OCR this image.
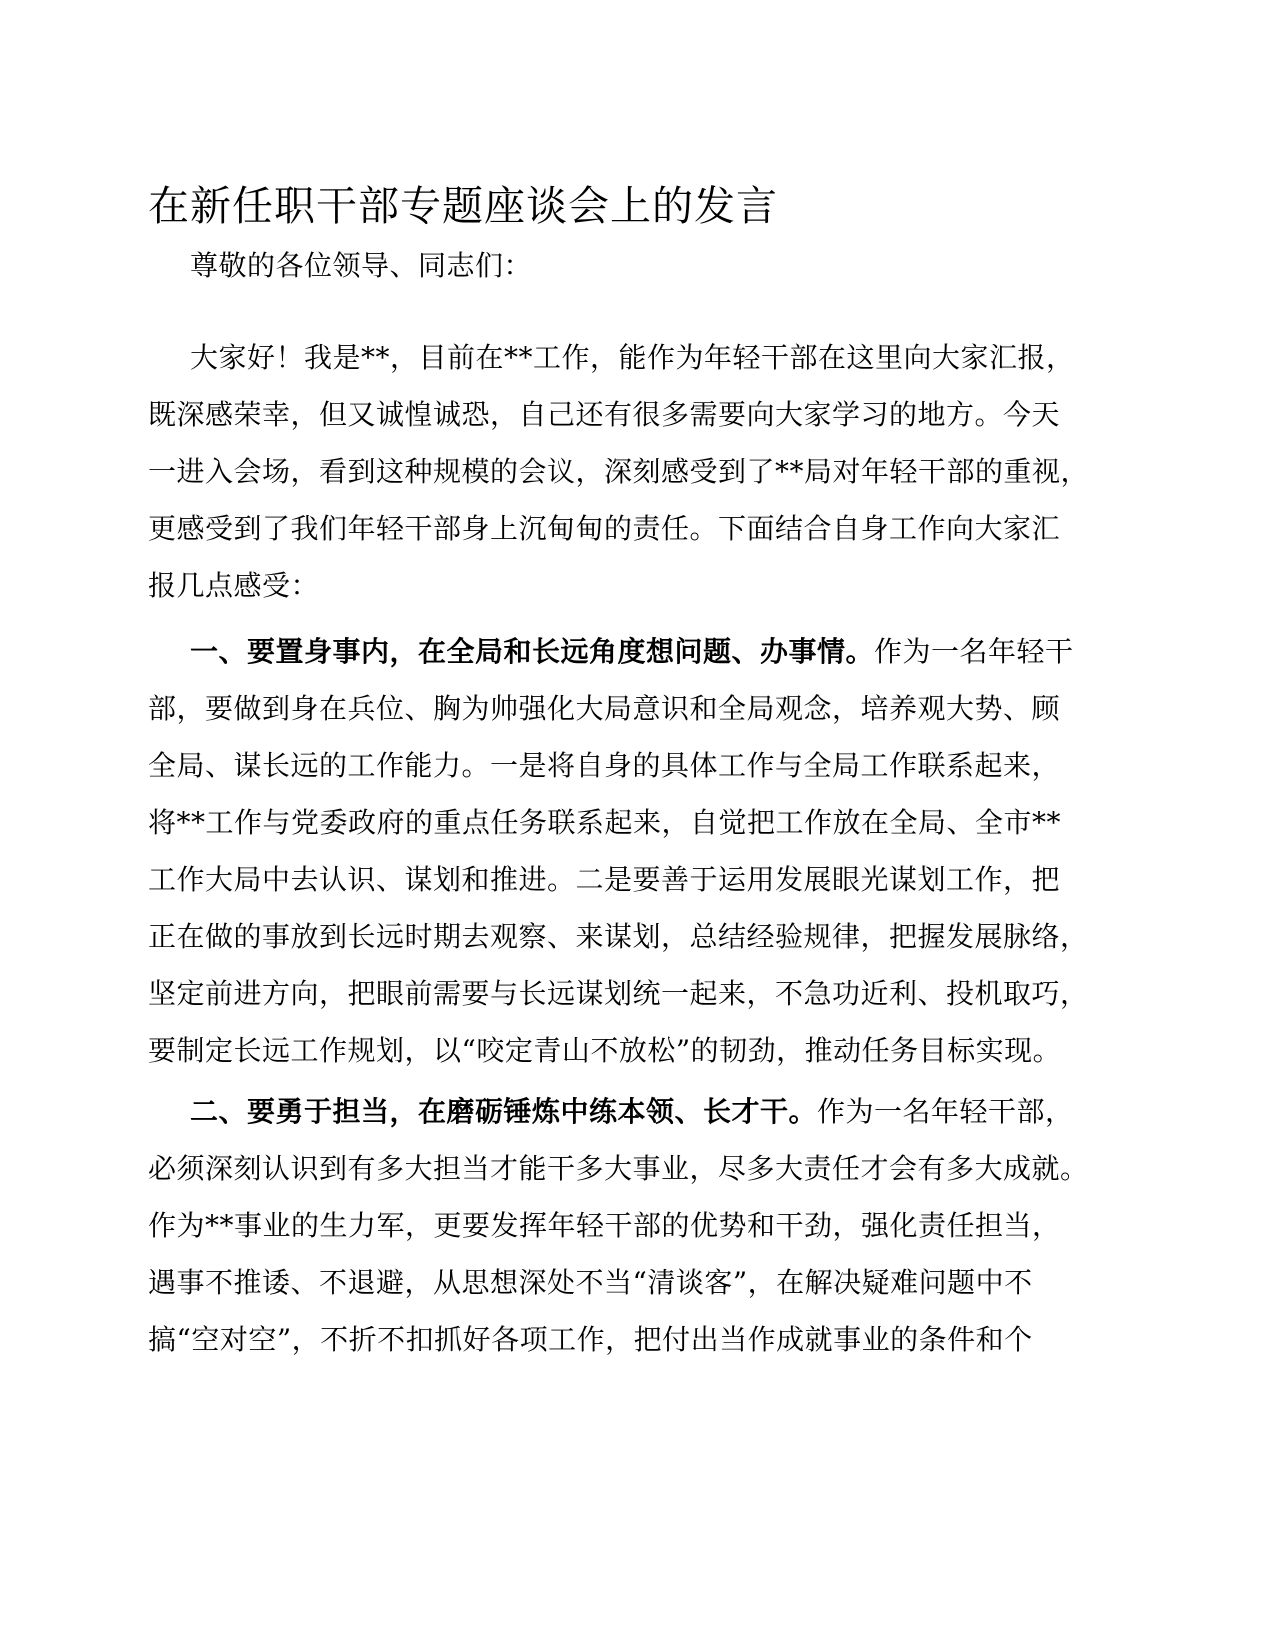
在新任职干部专题座谈会上的发言

尊敬的各位领导、同志们：

大家好！我是**，目前在**工作，能作为年轻干部在这里向大家汇报，
既深感荣幸，但又诚惶诚恐，自己还有很多需要向大家学习的地方。今天
一进入会场，看到这种规模的会议，深刻感受到了**局对年轻干部的重视，
更感受到了我们年轻干部身上沉甸甸的责任。下面结合自身工作向大家汇
报几点感受：

一、要置身事内，在全局和长远角度想问题、办事情。作为一名年轻干
部，要做到身在兵位、胸为帅强化大局意识和全局观念，培养观大势、顾
全局、谋长远的工作能力。一是将自身的具体工作与全局工作联系起来，
将**工作与党委政府的重点任务联系起来，自觉把工作放在全局、全市**
工作大局中去认识、谋划和推进。二是要善于运用发展眼光谋划工作，把
正在做的事放到长远时期去观察、来谋划，总结经验规律，把握发展脉络，
坚定前进方向，把眼前需要与长远谋划统一起来，不急功近利、投机取巧，
要制定长远工作规划，以“咬定青山不放松”的韧劲，推动任务目标实现。

二、要勇于担当，在磨砺锤炼中练本领、长才干。作为一名年轻干部，
必须深刻认识到有多大担当才能干多大事业，尽多大责任才会有多大成就。
作为**事业的生力军，更要发挥年轻干部的优势和干劲，强化责任担当，
遇事不推诿、不退避，从思想深处不当“清谈客”，在解决疑难问题中不
搞“空对空”，不折不扣抓好各项工作，把付出当作成就事业的条件和个
